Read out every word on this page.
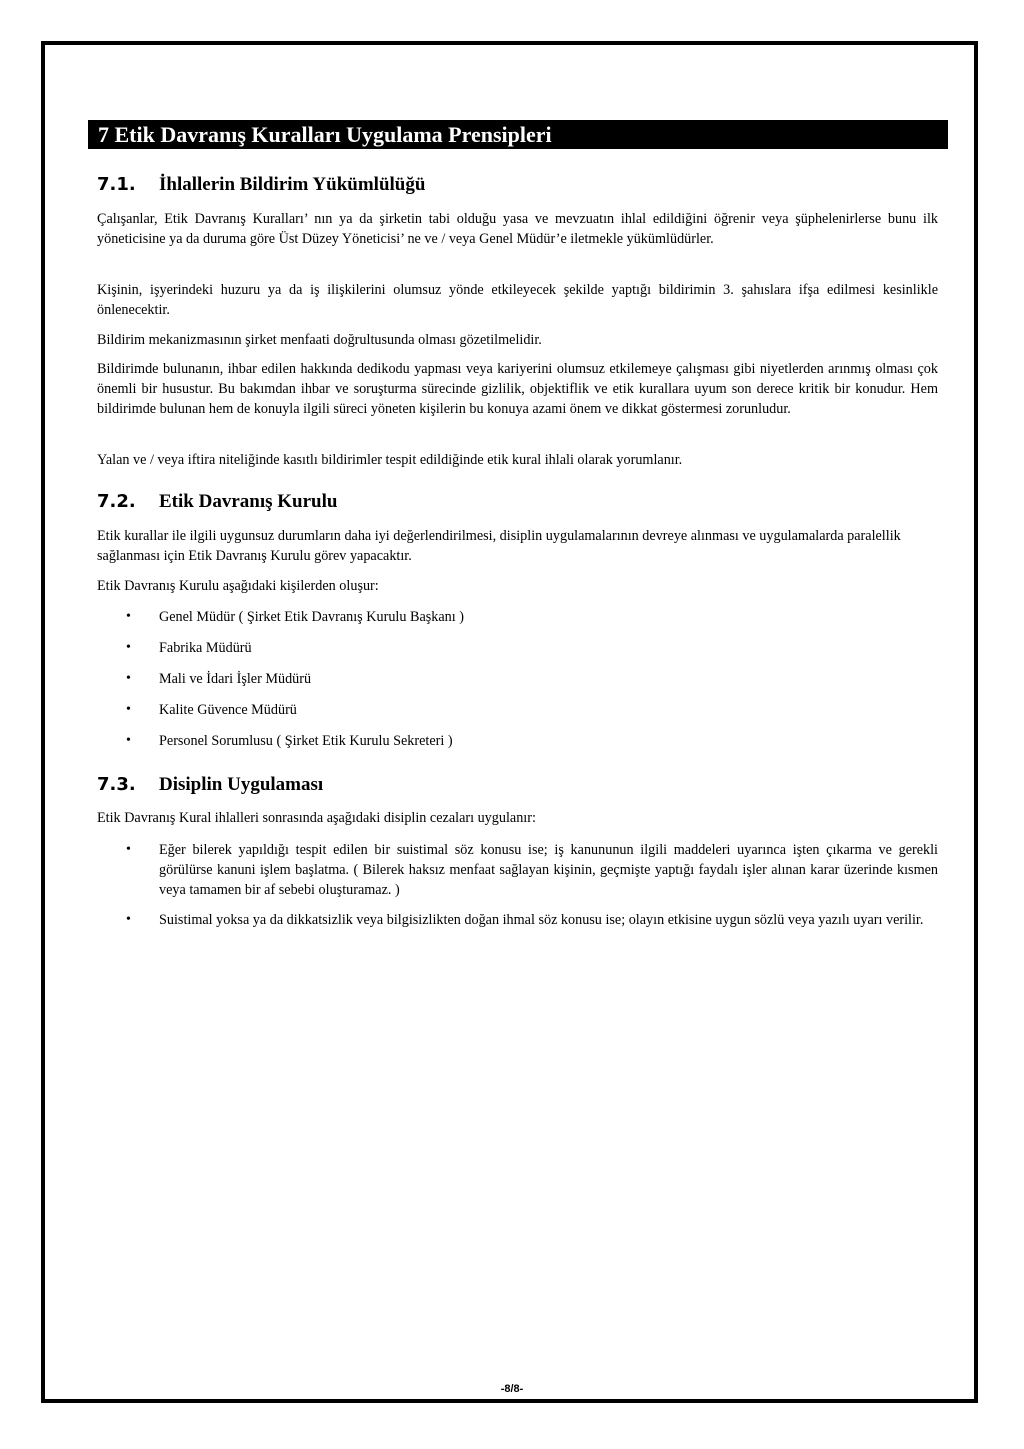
7 Etik Davranış Kuralları Uygulama Prensipleri
7.1. İhlallerin Bildirim Yükümlülüğü

Çalışanlar, Etik Davranış Kuralları’ nın ya da şirketin tabi olduğu yasa ve mevzuatın ihlal edildiğini öğrenir veya şüphelenirlerse bunu ilk yöneticisine ya da duruma göre Üst Düzey Yöneticisi’ ne ve / veya Genel Müdür’e iletmekle yükümlüdürler.

Kişinin, işyerindeki huzuru ya da iş ilişkilerini olumsuz yönde etkileyecek şekilde yaptığı bildirimin 3. şahıslara ifşa edilmesi kesinlikle önlenecektir.

Bildirim mekanizmasının şirket menfaati doğrultusunda olması gözetilmelidir.

Bildirimde bulunanın, ihbar edilen hakkında dedikodu yapması veya kariyerini olumsuz etkilemeye çalışması gibi niyetlerden arınmış olması çok önemli bir husustur. Bu bakımdan ihbar ve soruşturma sürecinde gizlilik, objektiflik ve etik kurallara uyum son derece kritik bir konudur. Hem bildirimde bulunan hem de konuyla ilgili süreci yöneten kişilerin bu konuya azami önem ve dikkat göstermesi zorunludur.

Yalan ve / veya iftira niteliğinde kasıtlı bildirimler tespit edildiğinde etik kural ihlali olarak yorumlanır.

7.2. Etik Davranış Kurulu

Etik kurallar ile ilgili uygunsuz durumların daha iyi değerlendirilmesi, disiplin uygulamalarının devreye alınması ve uygulamalarda paralellik sağlanması için Etik Davranış Kurulu görev yapacaktır.

Etik Davranış Kurulu aşağıdaki kişilerden oluşur:

•	Genel Müdür ( Şirket Etik Davranış Kurulu Başkanı )
•	Fabrika Müdürü
•	Mali ve İdari İşler Müdürü
•	Kalite Güvence Müdürü
•	Personel Sorumlusu ( Şirket Etik Kurulu Sekreteri )
7.3. Disiplin Uygulaması

Etik Davranış Kural ihlalleri sonrasında aşağıdaki disiplin cezaları uygulanır:

•	Eğer bilerek yapıldığı tespit edilen bir suistimal söz konusu ise; iş kanununun ilgili maddeleri uyarınca işten çıkarma ve gerekli görülürse kanuni işlem başlatma. ( Bilerek haksız menfaat sağlayan kişinin, geçmişte yaptığı faydalı işler alınan karar üzerinde kısmen veya tamamen bir af sebebi oluşturamaz. )
•	Suistimal yoksa ya da dikkatsizlik veya bilgisizlikten doğan ihmal söz konusu ise; olayın etkisine uygun sözlü veya yazılı uyarı verilir.
-8/8-
